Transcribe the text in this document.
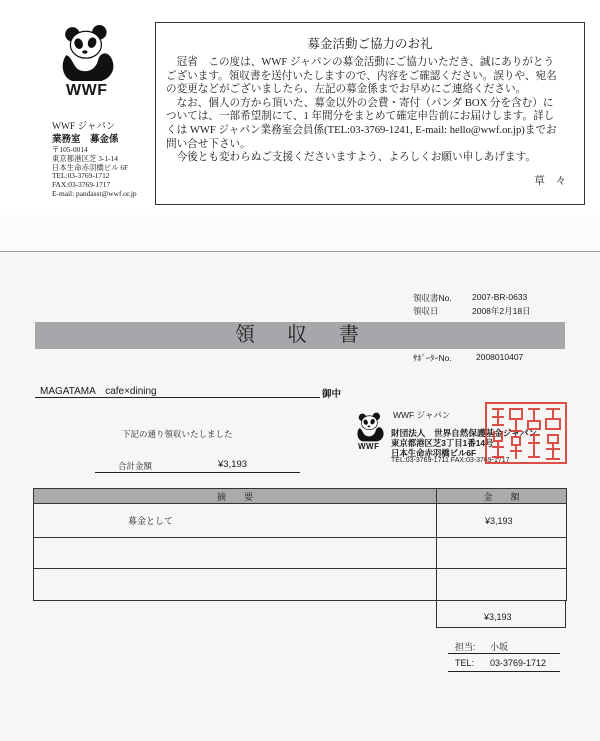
WWF
WWF ジャパン
業務室　募金係
〒105-0014
東京都港区芝 3-1-14
日本生命赤羽橋ビル 6F
TEL:03-3769-1712
FAX:03-3769-1717
E-mail: pandasst@wwf.or.jp
募金活動ご協力のお礼
　冠省　この度は、WWF ジャパンの募金活動にご協力いただき、誠にありがとう
ございます。領収書を送付いたしますので、内容をご確認ください。誤りや、宛名
の変更などがございましたら、左記の募金係までお早めにご連絡ください。
　なお、個人の方から頂いた、募金以外の会費・寄付（パンダ BOX 分を含む）に
ついては、一部希望制にて、1 年間分をまとめて確定申告前にお届けします。詳し
くは WWF ジャパン業務室会員係(TEL:03-3769-1241, E-mail: hello@wwf.or.jp)までお
問い合せ下さい。
　今後とも変わらぬご支援くださいますよう、よろしくお願い申しあげます。
草　々
領収書No. 2007-BR-0633
領収日	2008年2月18日
領　収　書
ｻﾎﾟｰﾀｰNo.	2008010407
MAGATAMA　cafe×dining	御中
WWF
WWF ジャパン
財団法人　世界自然保護基金ジャパン
東京都港区芝3丁目1番14号
日本生命赤羽橋ビル6F
TEL:03-3769-1711 FAX:03-3769-1717
下記の通り領収いたしました
合計金額	¥3,193
摘　　要	金　　額
募金として	¥3,193

¥3,193
担当: 小坂
TEL: 03-3769-1712
